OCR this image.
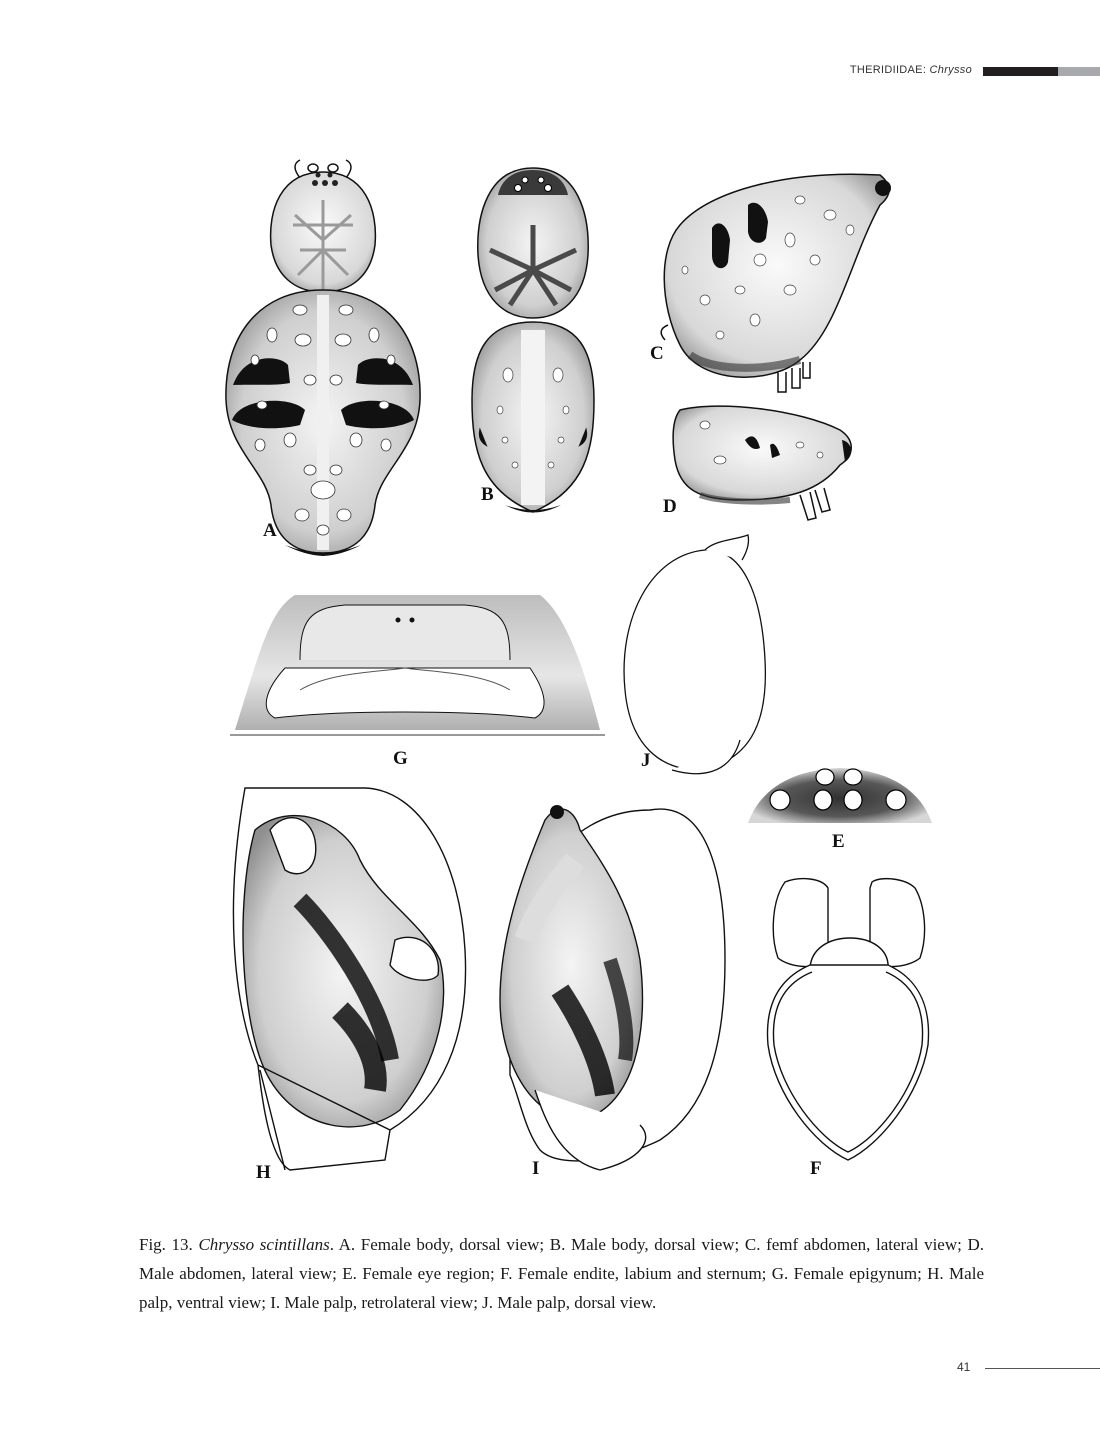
THERIDIIDAE: Chrysso
A
B
C
D
E
F
G
H	I
J

Fig. 13. Chrysso scintillans. A. Female body, dorsal view; B. Male body, dorsal view; C. femf abdomen, lateral view; D. Male abdomen, lateral view; E. Female eye region; F. Female endite, labium and sternum; G. Female epigynum; H. Male palp, ventral view; I. Male palp, retrolateral view; J. Male palp, dorsal view.

41
